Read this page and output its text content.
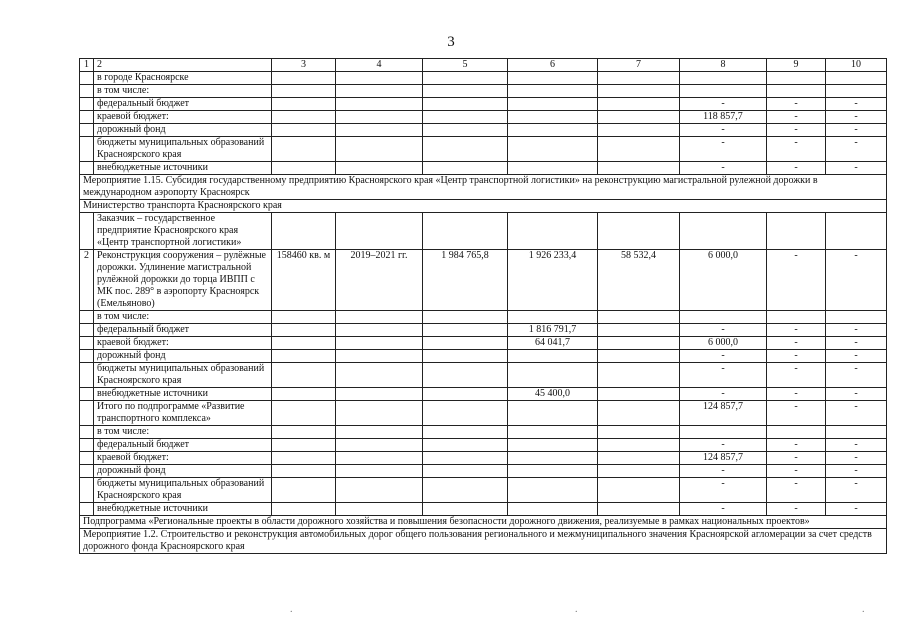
3
1	2	3	4	5	6	7	8	9	10
	в городе Красноярске								
	в том числе:								
	федеральный бюджет						-	-	-
	краевой бюджет:						118 857,7	-	-
	дорожный фонд						-	-	-
	бюджеты муниципальных образований Красноярского края						-	-	-
	внебюджетные источники						-	-	-
Мероприятие 1.15. Субсидия государственному предприятию Красноярского края «Центр транспортной логистики» на реконструкцию магистральной рулежной дорожки в международном аэропорту Красноярск									
Министерство транспорта Красноярского края									
	Заказчик – государственное предприятие Красноярского края «Центр транспортной логистики»								
2	Реконструкция сооружения – рулёжные дорожки. Удлинение магистральной рулёжной дорожки до торца ИВПП с МК пос. 289° в аэропорту Красноярск (Емельяново)	158460 кв. м	2019–2021 гг.	1 984 765,8	1 926 233,4	58 532,4	6 000,0	-	-
	в том числе:								
	федеральный бюджет				1 816 791,7		-	-	-
	краевой бюджет:				64 041,7		6 000,0	-	-
	дорожный фонд						-	-	-
	бюджеты муниципальных образований Красноярского края						-	-	-
	внебюджетные источники				45 400,0		-	-	-
	Итого по подпрограмме «Развитие транспортного комплекса»						124 857,7	-	-
	в том числе:								
	федеральный бюджет						-	-	-
	краевой бюджет:						124 857,7	-	-
	дорожный фонд						-	-	-
	бюджеты муниципальных образований Красноярского края						-	-	-
	внебюджетные источники						-	-	-
Подпрограмма «Региональные проекты в области дорожного хозяйства и повышения безопасности дорожного движения, реализуемые в рамках национальных проектов»									
Мероприятие 1.2. Строительство и реконструкция автомобильных дорог общего пользования регионального и межмуниципального значения Красноярской агломерации за счет средств дорожного фонда Красноярского края									
.	.	.
